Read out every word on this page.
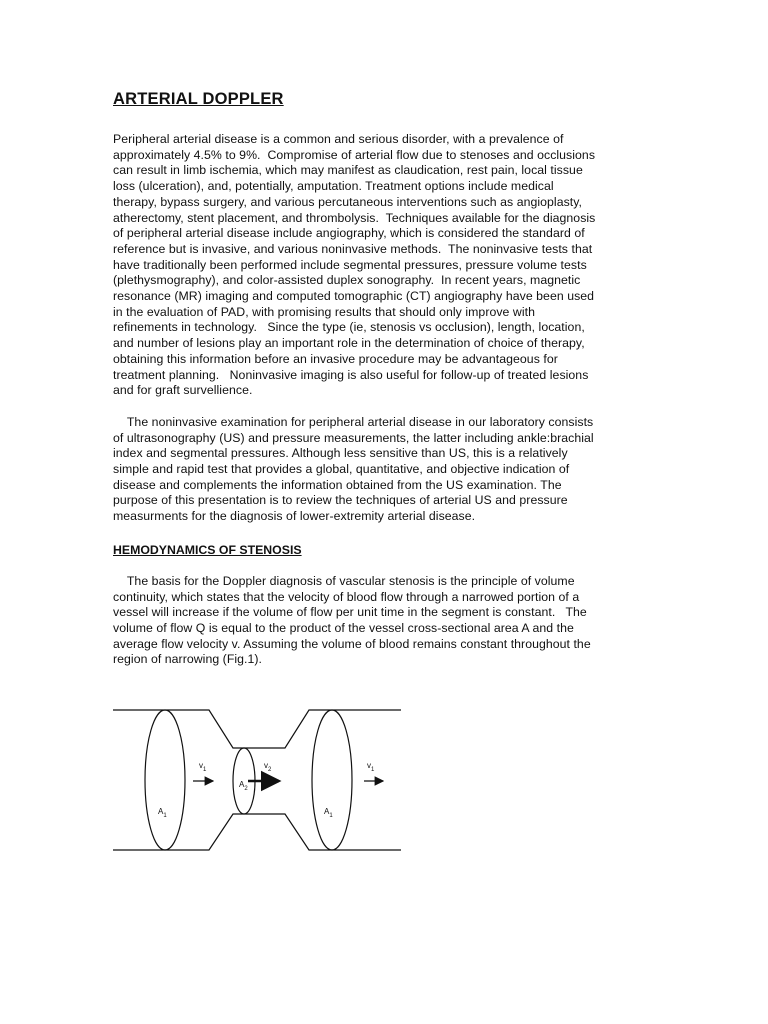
ARTERIAL DOPPLER

Peripheral arterial disease is a common and serious disorder, with a prevalence of
approximately 4.5% to 9%.  Compromise of arterial flow due to stenoses and occlusions
can result in limb ischemia, which may manifest as claudication, rest pain, local tissue
loss (ulceration), and, potentially, amputation. Treatment options include medical
therapy, bypass surgery, and various percutaneous interventions such as angioplasty,
atherectomy, stent placement, and thrombolysis.  Techniques available for the diagnosis
of peripheral arterial disease include angiography, which is considered the standard of
reference but is invasive, and various noninvasive methods.  The noninvasive tests that
have traditionally been performed include segmental pressures, pressure volume tests
(plethysmography), and color-assisted duplex sonography.  In recent years, magnetic
resonance (MR) imaging and computed tomographic (CT) angiography have been used
in the evaluation of PAD, with promising results that should only improve with
refinements in technology.   Since the type (ie, stenosis vs occlusion), length, location,
and number of lesions play an important role in the determination of choice of therapy,
obtaining this information before an invasive procedure may be advantageous for
treatment planning.   Noninvasive imaging is also useful for follow-up of treated lesions
and for graft survellience.

The noninvasive examination for peripheral arterial disease in our laboratory consists
of ultrasonography (US) and pressure measurements, the latter including ankle:brachial
index and segmental pressures. Although less sensitive than US, this is a relatively
simple and rapid test that provides a global, quantitative, and objective indication of
disease and complements the information obtained from the US examination. The
purpose of this presentation is to review the techniques of arterial US and pressure
measurments for the diagnosis of lower-extremity arterial disease.

HEMODYNAMICS OF STENOSIS

The basis for the Doppler diagnosis of vascular stenosis is the principle of volume
continuity, which states that the velocity of blood flow through a narrowed portion of a
vessel will increase if the volume of flow per unit time in the segment is constant.   The
volume of flow Q is equal to the product of the vessel cross-sectional area A and the
average flow velocity v. Assuming the volume of blood remains constant throughout the
region of narrowing (Fig.1).

$v_1$	$v_2$	$v_1$
$A_1$
$A_2$
$A_1$
